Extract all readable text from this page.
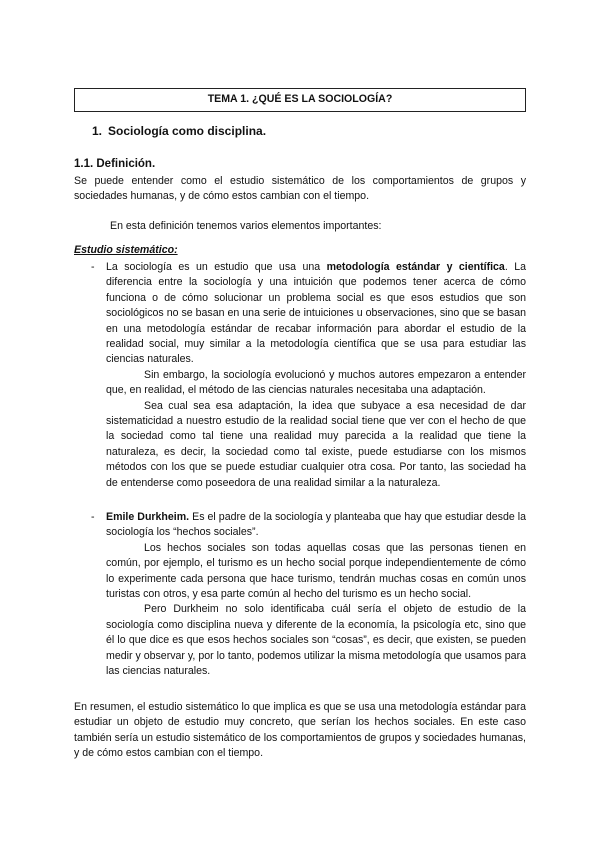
TEMA 1. ¿QUÉ ES LA SOCIOLOGÍA?
1. Sociología como disciplina.
1.1. Definición.

Se puede entender como el estudio sistemático de los comportamientos de grupos y sociedades humanas, y de cómo estos cambian con el tiempo.

En esta definición tenemos varios elementos importantes:

Estudio sistemático:
- La sociología es un estudio que usa una metodología estándar y científica. La diferencia entre la sociología y una intuición que podemos tener acerca de cómo funciona o de cómo solucionar un problema social es que esos estudios que son sociológicos no se basan en una serie de intuiciones u observaciones, sino que se basan en una metodología estándar de recabar información para abordar el estudio de la realidad social, muy similar a la metodología científica que se usa para estudiar las ciencias naturales.

Sin embargo, la sociología evolucionó y muchos autores empezaron a entender que, en realidad, el método de las ciencias naturales necesitaba una adaptación.

Sea cual sea esa adaptación, la idea que subyace a esa necesidad de dar sistematicidad a nuestro estudio de la realidad social tiene que ver con el hecho de que la sociedad como tal tiene una realidad muy parecida a la realidad que tiene la naturaleza, es decir, la sociedad como tal existe, puede estudiarse con los mismos métodos con los que se puede estudiar cualquier otra cosa. Por tanto, las sociedad ha de entenderse como poseedora de una realidad similar a la naturaleza.

- Emile Durkheim. Es el padre de la sociología y planteaba que hay que estudiar desde la sociología los “hechos sociales”.

Los hechos sociales son todas aquellas cosas que las personas tienen en común, por ejemplo, el turismo es un hecho social porque independientemente de cómo lo experimente cada persona que hace turismo, tendrán muchas cosas en común unos turistas con otros, y esa parte común al hecho del turismo es un hecho social.

Pero Durkheim no solo identificaba cuál sería el objeto de estudio de la sociología como disciplina nueva y diferente de la economía, la psicología etc, sino que él lo que dice es que esos hechos sociales son “cosas”, es decir, que existen, se pueden medir y observar y, por lo tanto, podemos utilizar la misma metodología que usamos para las ciencias naturales.

En resumen, el estudio sistemático lo que implica es que se usa una metodología estándar para estudiar un objeto de estudio muy concreto, que serían los hechos sociales. En este caso también sería un estudio sistemático de los comportamientos de grupos y sociedades humanas, y de cómo estos cambian con el tiempo.
